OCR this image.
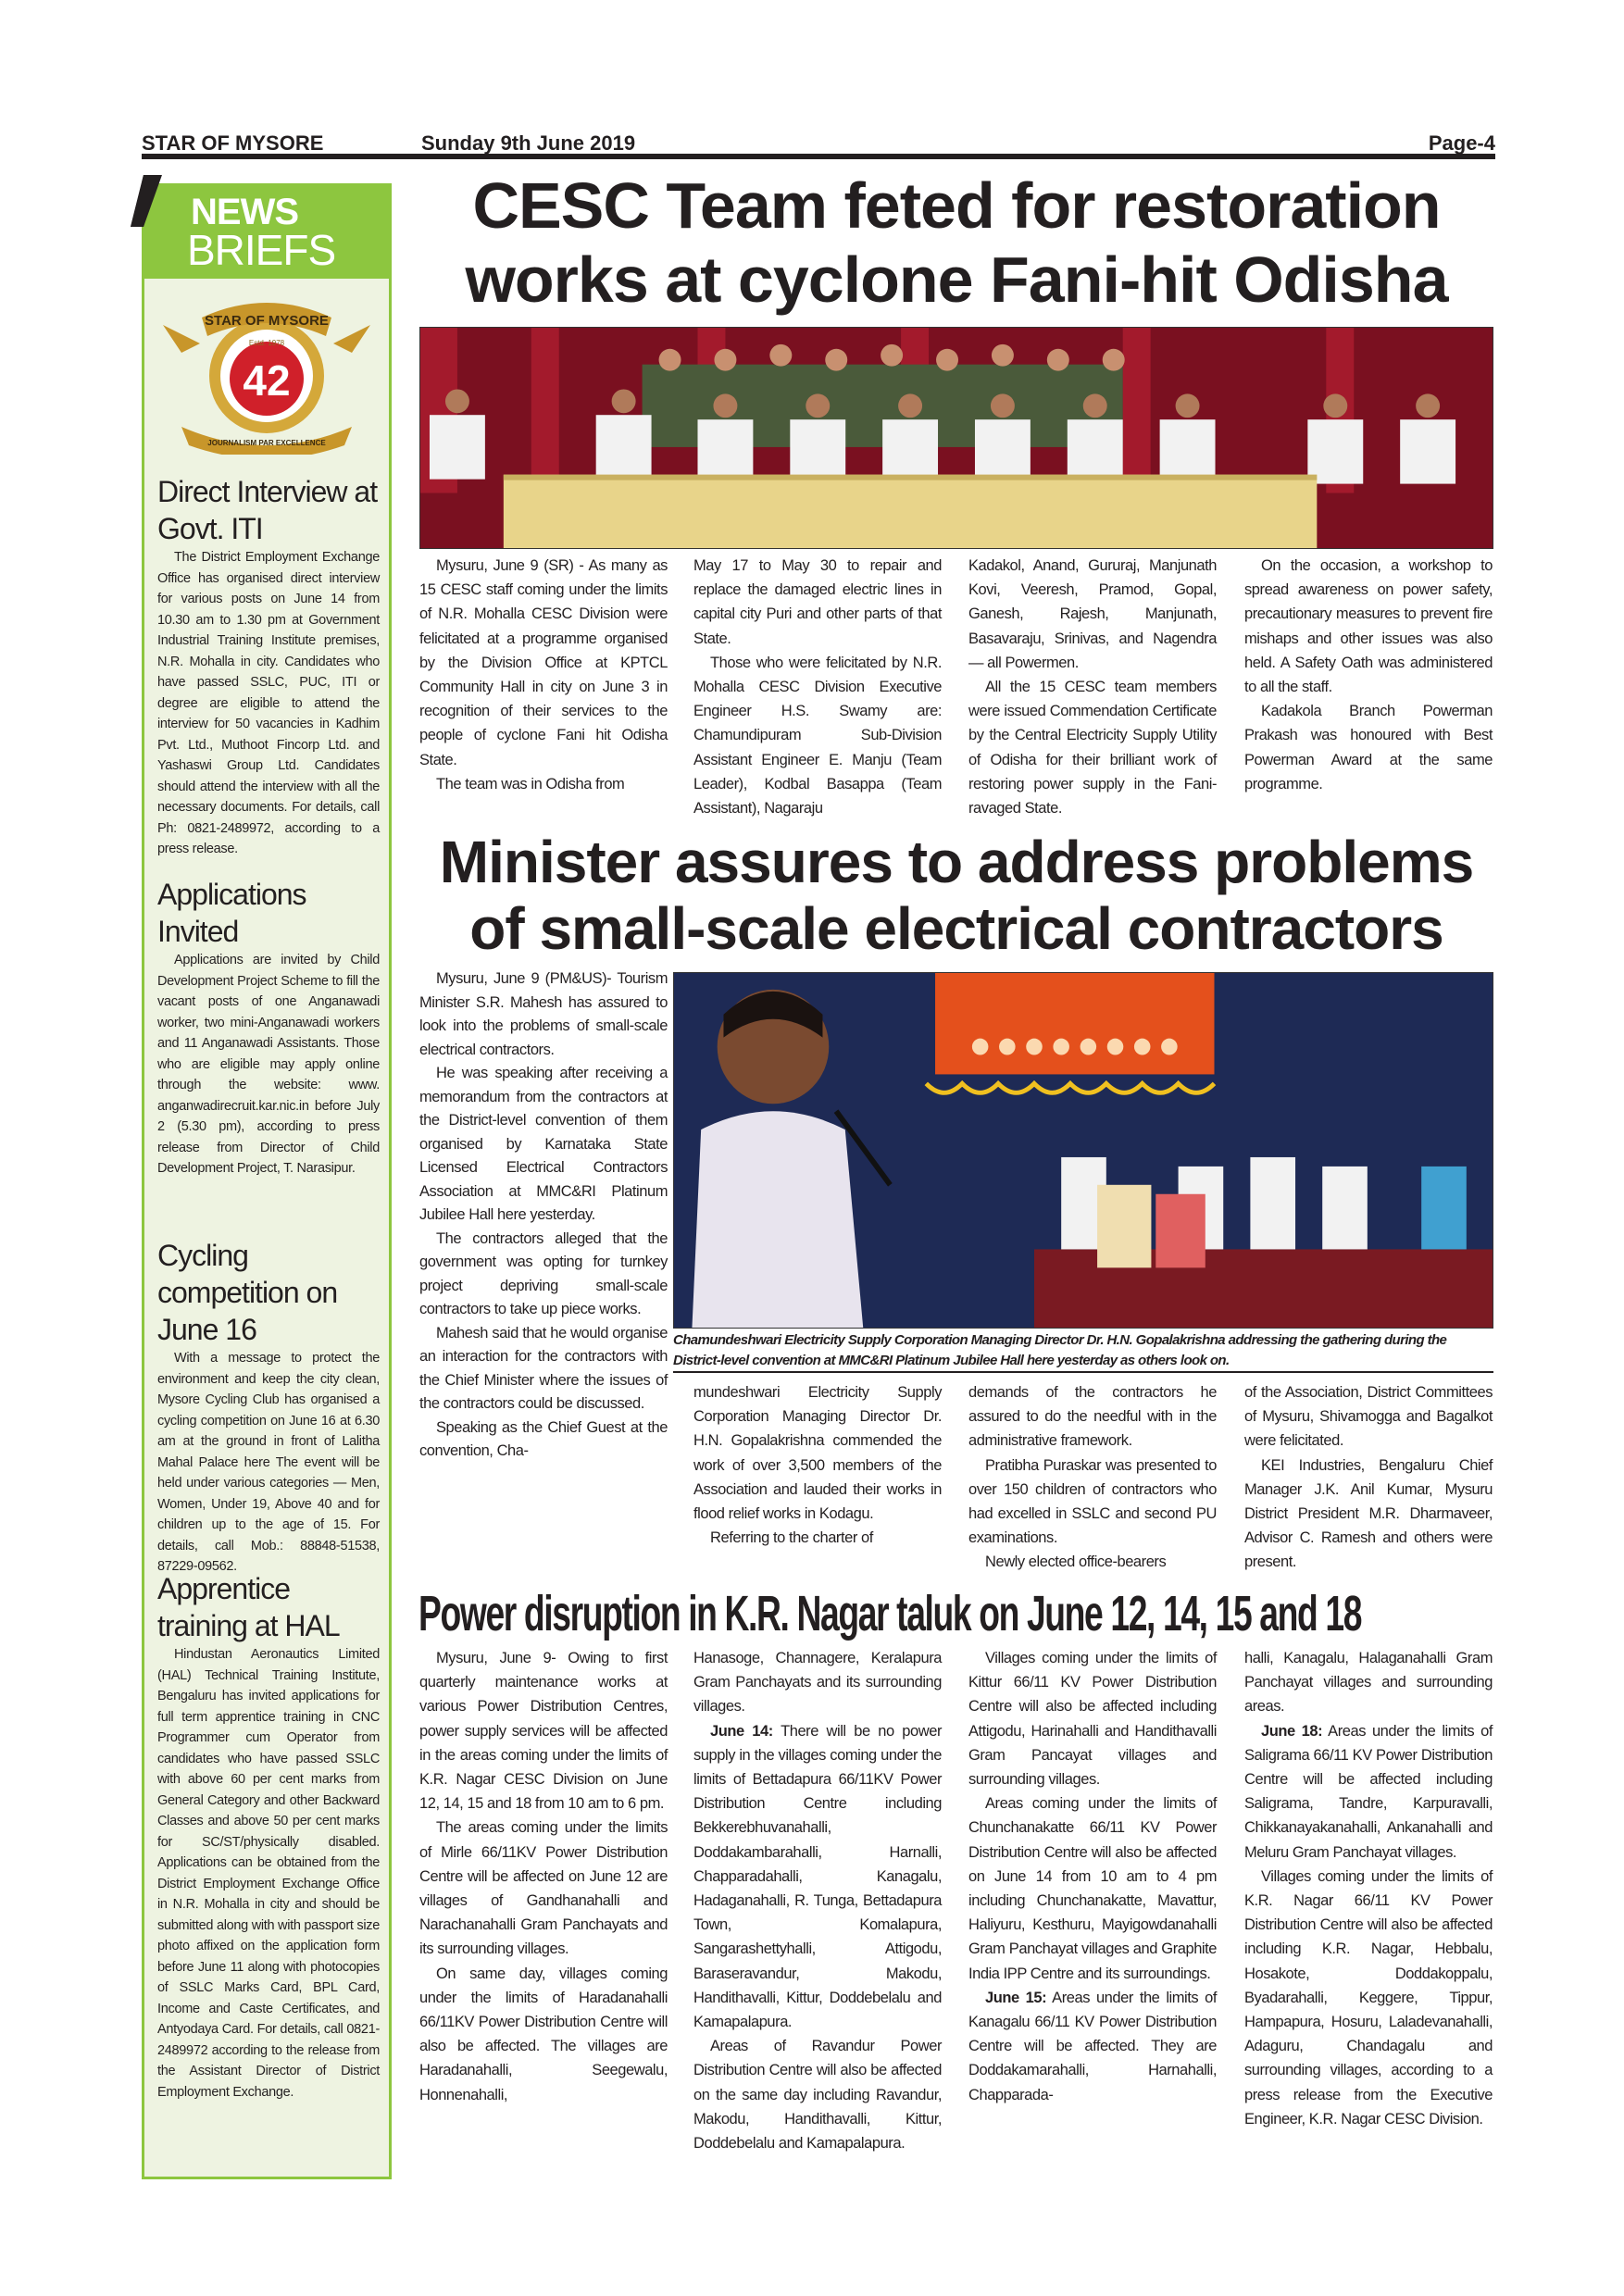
STAR OF MYSORE	Sunday 9th June 2019	Page-4
NEWS
BRIEFS
42
STAR OF MYSORE
Estd. 1978
JOURNALISM PAR EXCELLENCE
Direct Interview at Govt. ITI

The District Employment Exchange Office has organised direct interview for various posts on June 14 from 10.30 am to 1.30 pm at Government Industrial Training Institute premises, N.R. Mohalla in city. Candidates who have passed SSLC, PUC, ITI or degree are eligible to attend the interview for 50 vacancies in Kadhim Pvt. Ltd., Muthoot Fincorp Ltd. and Yashaswi Group Ltd. Candidates should attend the interview with all the necessary documents. For details, call Ph: 0821-2489972, according to a press release.

Applications Invited

Applications are invited by Child Development Project Scheme to fill the vacant posts of one Anganawadi worker, two mini-Anganawadi workers and 11 Anganawadi Assistants. Those who are eligible may apply online through the website: www. anganwadirecruit.kar.nic.in before July 2 (5.30 pm), according to press release from Director of Child Development Project, T. Narasipur.

Cycling competition on June 16

With a message to protect the environment and keep the city clean, Mysore Cycling Club has organised a cycling competition on June 16 at 6.30 am at the ground in front of Lalitha Mahal Palace here The event will be held under various categories — Men, Women, Under 19, Above 40 and for children up to the age of 15. For details, call Mob.: 88848-51538, 87229-09562.

Apprentice training at HAL

Hindustan Aeronautics Limited (HAL) Technical Training Institute, Bengaluru has invited applications for full term apprentice training in CNC Programmer cum Operator from candidates who have passed SSLC with above 60 per cent marks from General Category and other Backward Classes and above 50 per cent marks for SC/ST/physically disabled. Applications can be obtained from the District Employment Exchange Office in N.R. Mohalla in city and should be submitted along with with passport size photo affixed on the application form before June 11 along with photocopies of SSLC Marks Card, BPL Card, Income and Caste Certificates, and Antyodaya Card. For details, call 0821-2489972 according to the release from the Assistant Director of District Employment Exchange.

CESC Team feted for restoration
works at cyclone Fani-hit Odisha

Mysuru, June 9 (SR) - As many as 15 CESC staff coming under the limits of N.R. Mohalla CESC Division were felicitated at a programme organised by the Division Office at KPTCL Community Hall in city on June 3 in recognition of their services to the people of cyclone Fani hit Odisha State.

The team was in Odisha from

May 17 to May 30 to repair and replace the damaged electric lines in capital city Puri and other parts of that State.

Those who were felicitated by N.R. Mohalla CESC Division Executive Engineer H.S. Swamy are: Chamundipuram Sub-Division Assistant Engineer E. Manju (Team Leader), Kodbal Basappa (Team Assistant), Nagaraju

Kadakol, Anand, Gururaj, Manjunath Kovi, Veeresh, Pramod, Gopal, Ganesh, Rajesh, Manjunath, Basavaraju, Srinivas, and Nagendra — all Powermen.

All the 15 CESC team members were issued Commendation Certificate by the Central Electricity Supply Utility of Odisha for their brilliant work of restoring power supply in the Fani-ravaged State.

On the occasion, a workshop to spread awareness on power safety, precautionary measures to prevent fire mishaps and other issues was also held. A Safety Oath was administered to all the staff.

Kadakola Branch Powerman Prakash was honoured with Best Powerman Award at the same programme.

Minister assures to address problems
of small-scale electrical contractors

Mysuru, June 9 (PM&US)- Tourism Minister S.R. Mahesh has assured to look into the problems of small-scale electrical contractors.

He was speaking after receiving a memorandum from the contractors at the District-level convention of them organised by Karnataka State Licensed Electrical Contractors Association at MMC&RI Platinum Jubilee Hall here yesterday.

The contractors alleged that the government was opting for turnkey project depriving small-scale contractors to take up piece works.

Mahesh said that he would organise an interaction for the contractors with the Chief Minister where the issues of the contractors could be discussed.

Speaking as the Chief Guest at the convention, Cha-

Chamundeshwari Electricity Supply Corporation Managing Director Dr. H.N. Gopalakrishna addressing the gathering during the District-level convention at MMC&RI Platinum Jubilee Hall here yesterday as others look on.

mundeshwari Electricity Supply Corporation Managing Director Dr. H.N. Gopalakrishna commended the work of over 3,500 members of the Association and lauded their works in flood relief works in Kodagu.

Referring to the charter of

demands of the contractors he assured to do the needful with in the administrative framework.

Pratibha Puraskar was presented to over 150 children of contractors who had excelled in SSLC and second PU examinations.

Newly elected office-bearers

of the Association, District Committees of Mysuru, Shivamogga and Bagalkot were felicitated.

KEI Industries, Bengaluru Chief Manager J.K. Anil Kumar, Mysuru District President M.R. Dharmaveer, Advisor C. Ramesh and others were present.

Power disruption in K.R. Nagar taluk on June 12, 14, 15 and 18

Mysuru, June 9- Owing to first quarterly maintenance works at various Power Distribution Centres, power supply services will be affected in the areas coming under the limits of K.R. Nagar CESC Division on June 12, 14, 15 and 18 from 10 am to 6 pm.

The areas coming under the limits of Mirle 66/11KV Power Distribution Centre will be affected on June 12 are villages of Gandhanahalli and Narachanahalli Gram Panchayats and its surrounding villages.

On same day, villages coming under the limits of Haradanahalli 66/11KV Power Distribution Centre will also be affected. The villages are Haradanahalli, Seegewalu, Honnenahalli,

Hanasoge, Channagere, Keralapura Gram Panchayats and its surrounding villages.

June 14: There will be no power supply in the villages coming under the limits of Bettadapura 66/11KV Power Distribution Centre including Bekkerebhuvanahalli, Doddakambarahalli, Harnalli, Chapparadahalli, Kanagalu, Hadaganahalli, R. Tunga, Bettadapura Town, Komalapura, Sangarashettyhalli, Attigodu, Baraseravandur, Makodu, Handithavalli, Kittur, Doddebelalu and Kamapalapura.

Areas of Ravandur Power Distribution Centre will also be affected on the same day including Ravandur, Makodu, Handithavalli, Kittur, Doddebelalu and Kamapalapura.

Villages coming under the limits of Kittur 66/11 KV Power Distribution Centre will also be affected including Attigodu, Harinahalli and Handithavalli Gram Pancayat villages and surrounding villages.

Areas coming under the limits of Chunchanakatte 66/11 KV Power Distribution Centre will also be affected on June 14 from 10 am to 4 pm including Chunchanakatte, Mavattur, Haliyuru, Kesthuru, Mayigowdanahalli Gram Panchayat villages and Graphite India IPP Centre and its surroundings.

June 15: Areas under the limits of Kanagalu 66/11 KV Power Distribution Centre will be affected. They are Doddakamarahalli, Harnahalli, Chapparada-

halli, Kanagalu, Halaganahalli Gram Panchayat villages and surrounding areas.

June 18: Areas under the limits of Saligrama 66/11 KV Power Distribution Centre will be affected including Saligrama, Tandre, Karpuravalli, Chikkanayakanahalli, Ankanahalli and Meluru Gram Panchayat villages.

Villages coming under the limits of K.R. Nagar 66/11 KV Power Distribution Centre will also be affected including K.R. Nagar, Hebbalu, Hosakote, Doddakoppalu, Byadarahalli, Keggere, Tippur, Hampapura, Hosuru, Laladevanahalli, Adaguru, Chandagalu and surrounding villages, according to a press release from the Executive Engineer, K.R. Nagar CESC Division.
